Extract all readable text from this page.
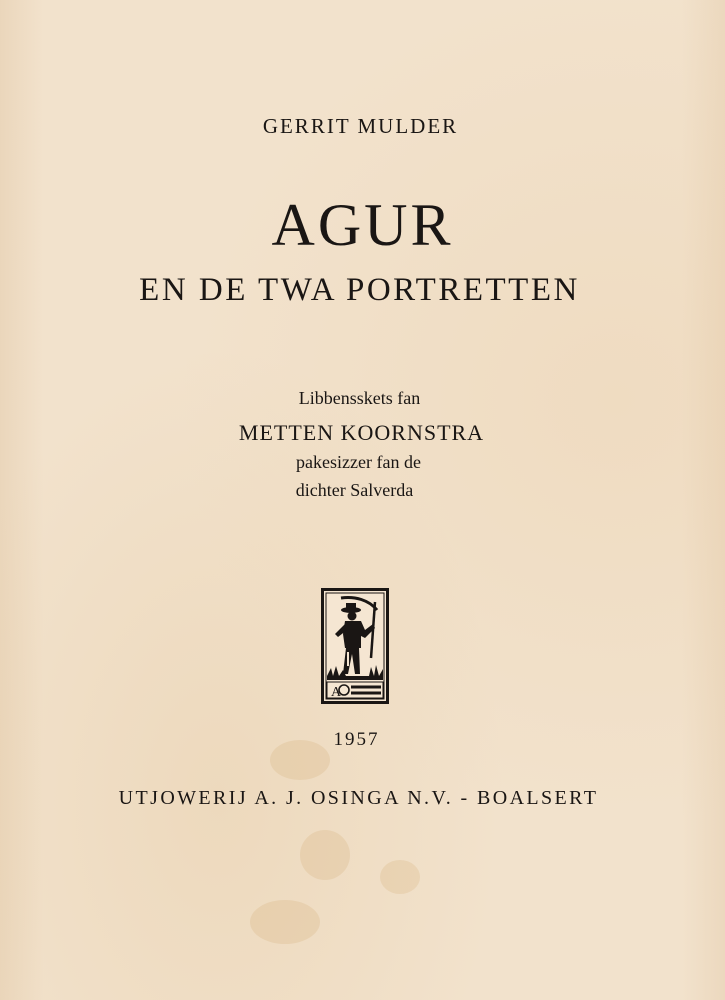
GERRIT MULDER
AGUR
EN DE TWA PORTRETTEN
Libbensskets fan
METTEN KOORNSTRA
pakesizzer fan de
dichter Salverda
A
1957
UTJOWERIJ A. J. OSINGA N.V. - BOALSERT
